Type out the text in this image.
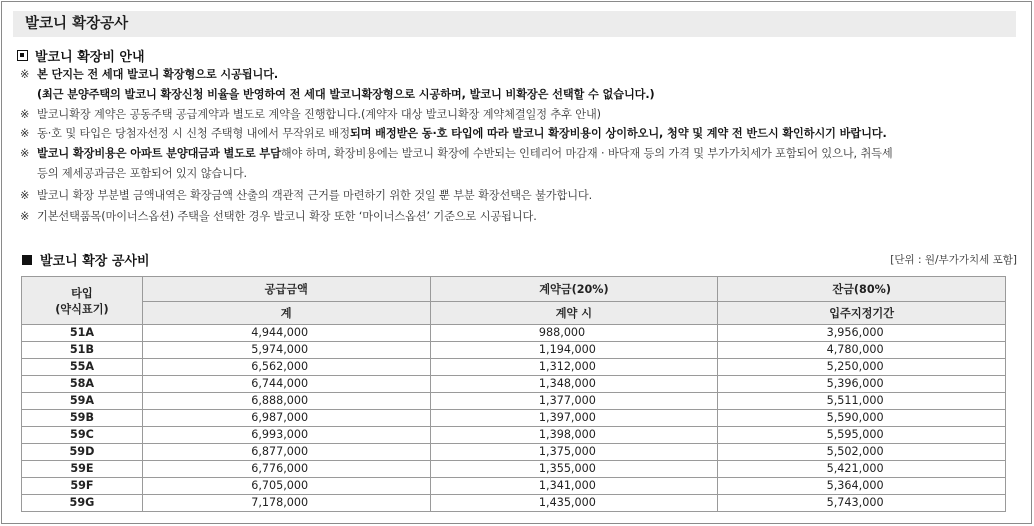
발코니 확장공사
발코니 확장비 안내
※ 본 단지는 전 세대 발코니 확장형으로 시공됩니다.
(최근 분양주택의 발코니 확장신청 비율을 반영하여 전 세대 발코니확장형으로 시공하며, 발코니 비확장은 선택할 수 없습니다.)
※ 발코니확장 계약은 공동주택 공급계약과 별도로 계약을 진행합니다.(계약자 대상 발코니확장 계약체결일정 추후 안내)
※ 동·호 및 타입은 당첨자선정 시 신청 주택형 내에서 무작위로 배정되며 배정받은 동·호 타입에 따라 발코니 확장비용이 상이하오니, 청약 및 계약 전 반드시 확인하시기 바랍니다.
※ 발코니 확장비용은 아파트 분양대금과 별도로 부담해야 하며, 확장비용에는 발코니 확장에 수반되는 인테리어 마감재 · 바닥재 등의 가격 및 부가가치세가 포함되어 있으나, 취득세
등의 제세공과금은 포함되어 있지 않습니다.
※ 발코니 확장 부분별 금액내역은 확장금액 산출의 객관적 근거를 마련하기 위한 것일 뿐 부분 확장선택은 불가합니다.
※ 기본선택품목(마이너스옵션) 주택을 선택한 경우 발코니 확장 또한 ‘마이너스옵션’ 기준으로 시공됩니다.
발코니 확장 공사비	[단위 : 원/부가가치세 포함]
타입
(약식표기)	공급금액	계약금(20%)	잔금(80%)
	계	계약 시	입주지정기간
51A	4,944,000	988,000	3,956,000
51B	5,974,000	1,194,000	4,780,000
55A	6,562,000	1,312,000	5,250,000
58A	6,744,000	1,348,000	5,396,000
59A	6,888,000	1,377,000	5,511,000
59B	6,987,000	1,397,000	5,590,000
59C	6,993,000	1,398,000	5,595,000
59D	6,877,000	1,375,000	5,502,000
59E	6,776,000	1,355,000	5,421,000
59F	6,705,000	1,341,000	5,364,000
59G	7,178,000	1,435,000	5,743,000
